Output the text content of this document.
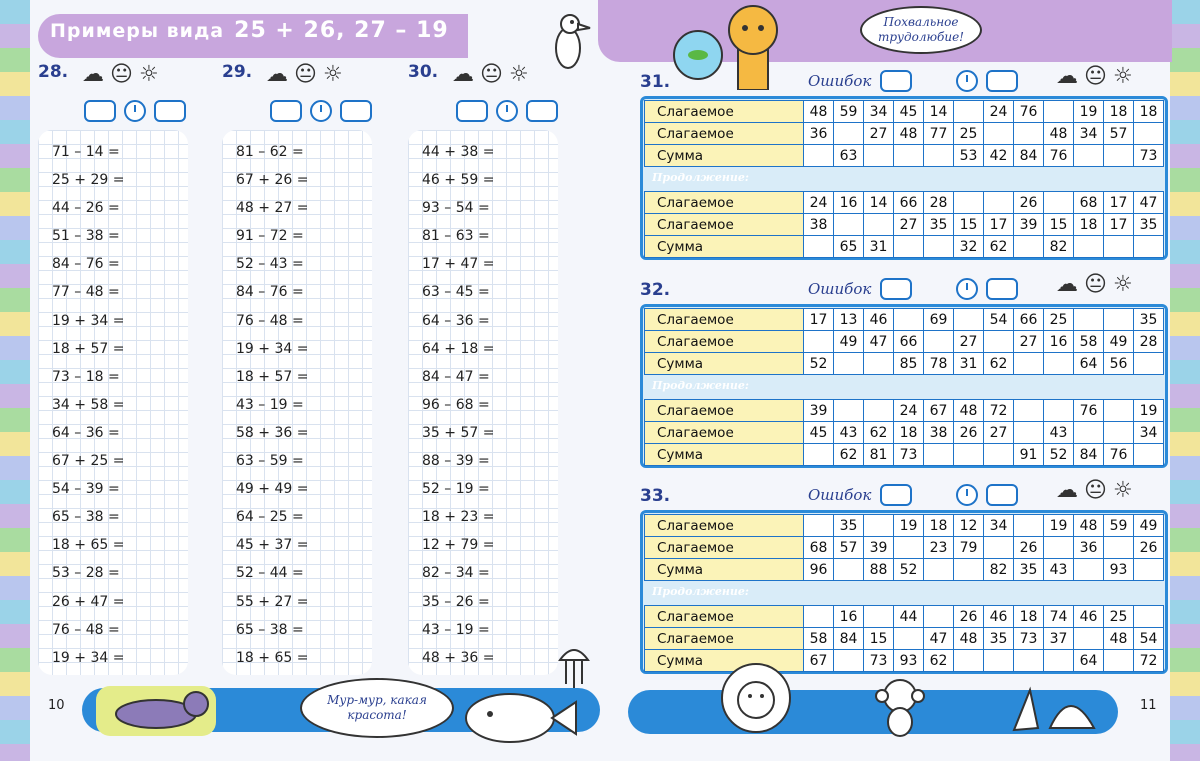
Примеры вида 25 + 26, 27 – 19	Похвальное трудолюбие!
28.	29.	30.
☁ 😐 ☼	☁ 😐 ☼	☁ 😐 ☼
71 – 14 =
25 + 29 =
44 – 26 =
51 – 38 =
84 – 76 =
77 – 48 =
19 + 34 =
18 + 57 =
73 – 18 =
34 + 58 =
64 – 36 =
67 + 25 =
54 – 39 =
65 – 38 =
18 + 65 =
53 – 28 =
26 + 47 =
76 – 48 =
19 + 34 =
81 – 62 =
67 + 26 =
48 + 27 =
91 – 72 =
52 – 43 =
84 – 76 =
76 – 48 =
19 + 34 =
18 + 57 =
43 – 19 =
58 + 36 =
63 – 59 =
49 + 49 =
64 – 25 =
45 + 37 =
52 – 44 =
55 + 27 =
65 – 38 =
18 + 65 =
44 + 38 =
46 + 59 =
93 – 54 =
81 – 63 =
17 + 47 =
63 – 45 =
64 – 36 =
64 + 18 =
84 – 47 =
96 – 68 =
35 + 57 =
88 – 39 =
52 – 19 =
18 + 23 =
12 + 79 =
82 – 34 =
35 – 26 =
43 – 19 =
48 + 36 =
Мур-мур, какая красота!
10
31.	Ошибок	☁ 😐 ☼
Слагаемое	48	59	34	45	14		24	76		19	18	18
Слагаемое	36		27	48	77	25			48	34	57	
Сумма		63				53	42	84	76			73
Слагаемое	24	16	14	66	28			26		68	17	47
Слагаемое	38			27	35	15	17	39	15	18	17	35
Сумма		65	31			32	62		82			
Продолжение:
32.	Ошибок	☁ 😐 ☼
Слагаемое	17	13	46		69		54	66	25			35
Слагаемое		49	47	66		27		27	16	58	49	28
Сумма	52			85	78	31	62			64	56	
Слагаемое	39			24	67	48	72			76		19
Слагаемое	45	43	62	18	38	26	27		43			34
Сумма		62	81	73				91	52	84	76	
Продолжение:
33.	Ошибок	☁ 😐 ☼
Слагаемое		35		19	18	12	34		19	48	59	49
Слагаемое	68	57	39		23	79		26		36		26
Сумма	96		88	52			82	35	43		93	
Слагаемое		16		44		26	46	18	74	46	25	
Слагаемое	58	84	15		47	48	35	73	37		48	54
Сумма	67		73	93	62					64		72
Продолжение:
11
